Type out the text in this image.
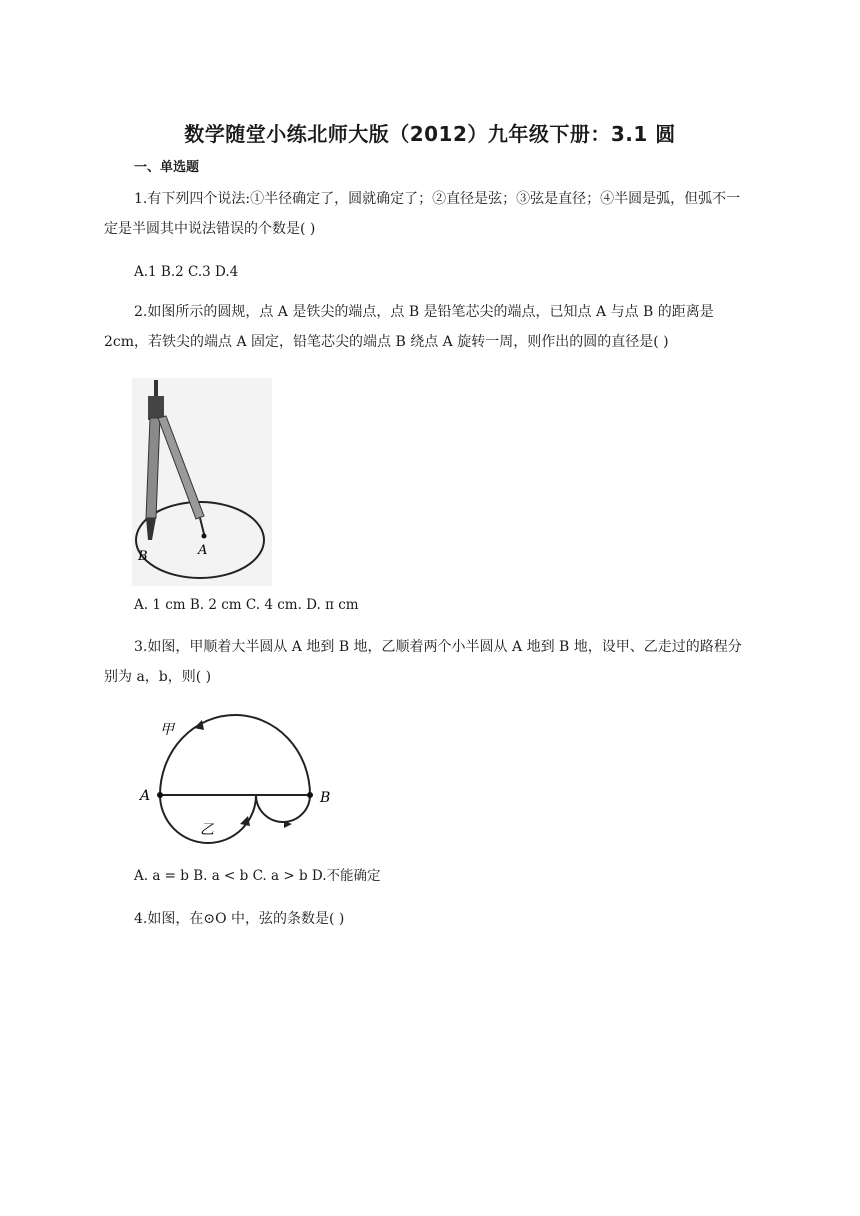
数学随堂小练北师大版（2012）九年级下册：3.1 圆
一、单选题
1.有下列四个说法:①半径确定了，圆就确定了；②直径是弦；③弦是直径；④半圆是弧，但弧不一定是半圆其中说法错误的个数是( )
A.1 B.2 C.3 D.4
2.如图所示的圆规，点 A 是铁尖的端点，点 B 是铅笔芯尖的端点，已知点 A 与点 B 的距离是 2cm，若铁尖的端点 A 固定，铅笔芯尖的端点 B 绕点 A 旋转一周，则作出的圆的直径是( )
A
B
A. 1 cm B. 2 cm C. 4 cm. D. π cm
3.如图，甲顺着大半圆从 A 地到 B 地，乙顺着两个小半圆从 A 地到 B 地，设甲、乙走过的路程分别为 a，b，则( )
甲
乙
A	B
A. a = b B. a < b C. a > b D.不能确定
4.如图，在⊙O 中，弦的条数是( )
